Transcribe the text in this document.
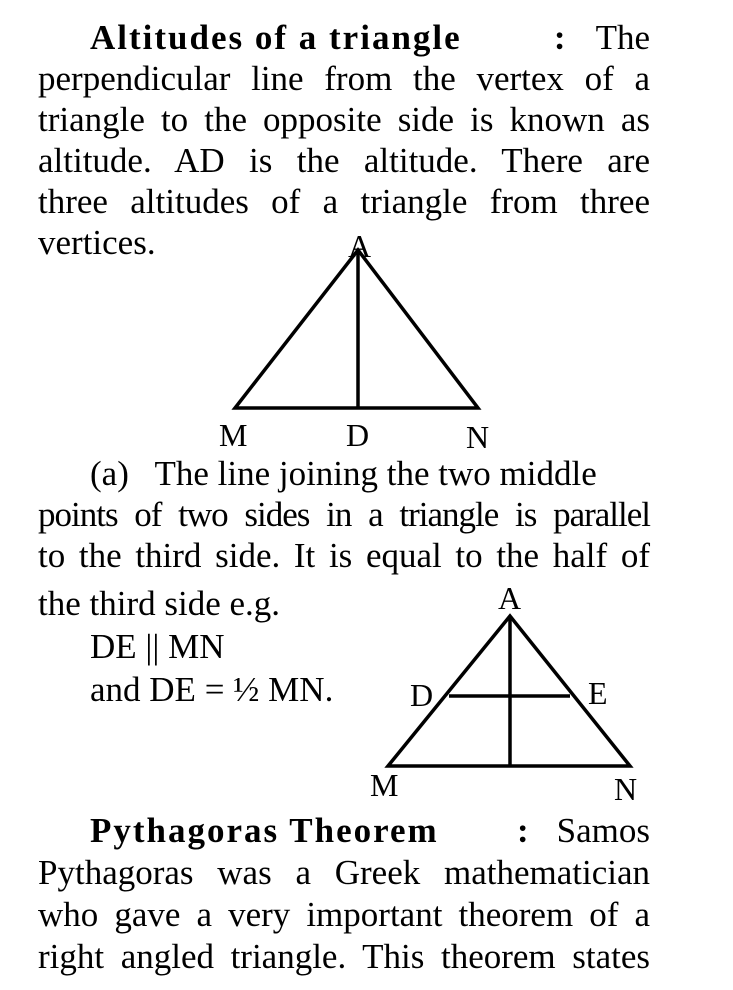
Altitudes of a triangle	: The
perpendicular line from the vertex of a
triangle to the opposite side is known as
altitude. AD is the altitude. There are
three altitudes of a triangle from three
vertices.	A
M	D	N
(a)   The line joining the two middle
points of two sides in a triangle is parallel
to the third side. It is equal to the half of
the third side e.g.
DE || MN
and DE = ½ MN.
A
D	E
M	N
Pythagoras Theorem : Samos
Pythagoras was a Greek mathematician
who gave a very important theorem of a
right angled triangle. This theorem states
